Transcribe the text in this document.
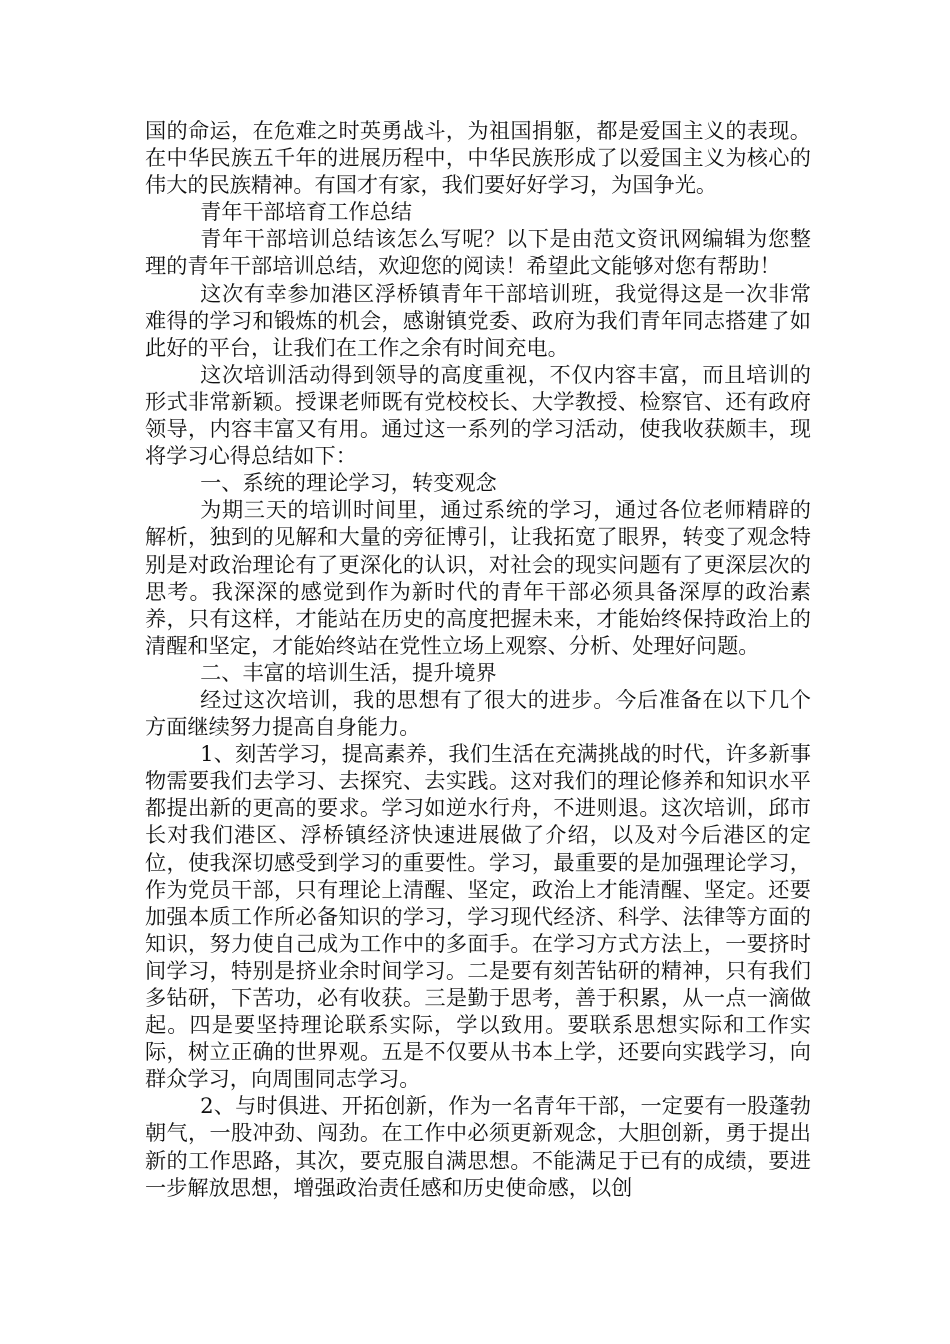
国的命运，在危难之时英勇战斗，为祖国捐躯，都是爱国主义的表现。在中华民族五千年的进展历程中，中华民族形成了以爱国主义为核心的伟大的民族精神。有国才有家，我们要好好学习，为国争光。

青年干部培育工作总结

青年干部培训总结该怎么写呢？以下是由范文资讯网编辑为您整理的青年干部培训总结，欢迎您的阅读！希望此文能够对您有帮助！

这次有幸参加港区浮桥镇青年干部培训班，我觉得这是一次非常难得的学习和锻炼的机会，感谢镇党委、政府为我们青年同志搭建了如此好的平台，让我们在工作之余有时间充电。

这次培训活动得到领导的高度重视，不仅内容丰富，而且培训的形式非常新颖。授课老师既有党校校长、大学教授、检察官、还有政府领导，内容丰富又有用。通过这一系列的学习活动，使我收获颇丰，现将学习心得总结如下：

一、系统的理论学习，转变观念

为期三天的培训时间里，通过系统的学习，通过各位老师精辟的解析，独到的见解和大量的旁征博引，让我拓宽了眼界，转变了观念特别是对政治理论有了更深化的认识，对社会的现实问题有了更深层次的思考。我深深的感觉到作为新时代的青年干部必须具备深厚的政治素养，只有这样，才能站在历史的高度把握未来，才能始终保持政治上的清醒和坚定，才能始终站在党性立场上观察、分析、处理好问题。

二、丰富的培训生活，提升境界

经过这次培训，我的思想有了很大的进步。今后准备在以下几个方面继续努力提高自身能力。

1、刻苦学习，提高素养，我们生活在充满挑战的时代，许多新事物需要我们去学习、去探究、去实践。这对我们的理论修养和知识水平都提出新的更高的要求。学习如逆水行舟，不进则退。这次培训，邱市长对我们港区、浮桥镇经济快速进展做了介绍，以及对今后港区的定位，使我深切感受到学习的重要性。学习，最重要的是加强理论学习，作为党员干部，只有理论上清醒、坚定，政治上才能清醒、坚定。还要加强本质工作所必备知识的学习，学习现代经济、科学、法律等方面的知识，努力使自己成为工作中的多面手。在学习方式方法上，一要挤时间学习，特别是挤业余时间学习。二是要有刻苦钻研的精神，只有我们多钻研，下苦功，必有收获。三是勤于思考，善于积累，从一点一滴做起。四是要坚持理论联系实际，学以致用。要联系思想实际和工作实际，树立正确的世界观。五是不仅要从书本上学，还要向实践学习，向群众学习，向周围同志学习。

2、与时俱进、开拓创新，作为一名青年干部，一定要有一股蓬勃朝气，一股冲劲、闯劲。在工作中必须更新观念，大胆创新，勇于提出新的工作思路，其次，要克服自满思想。不能满足于已有的成绩，要进一步解放思想，增强政治责任感和历史使命感，以创
